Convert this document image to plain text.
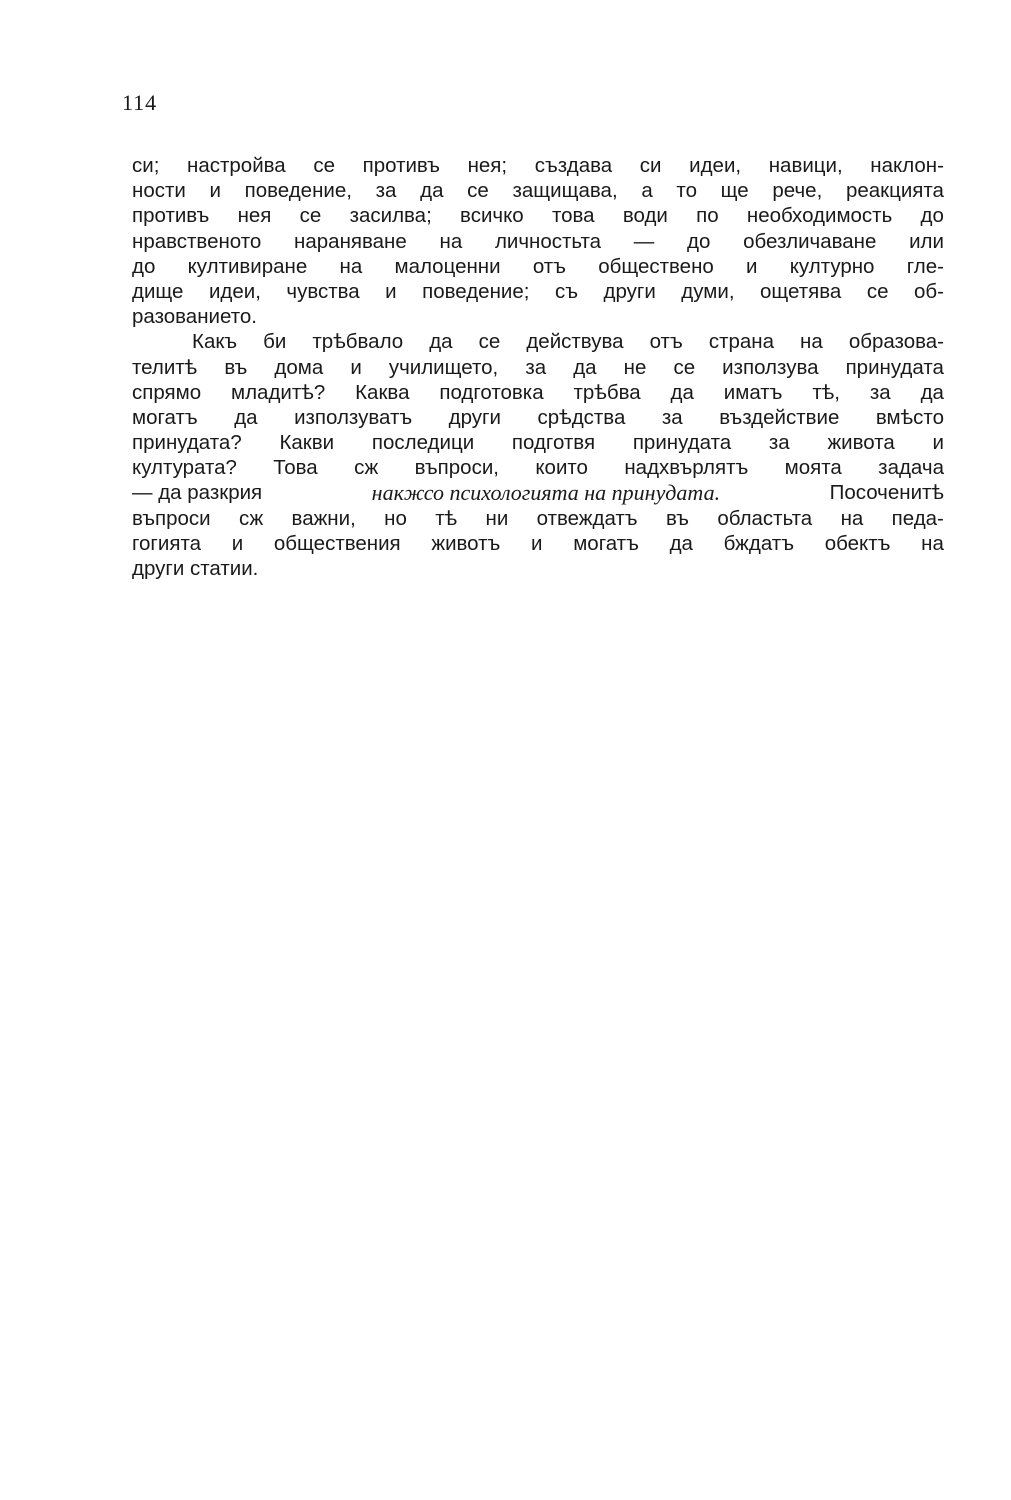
114
си; настройва се противъ нея; създава си идеи, навици, наклон-
ности и поведение, за да се защищава, а то ще рече, реакцията
противъ нея се засилва; всичко това води по необходимость до
нравственото нараняване на личностьта — до обезличаване или
до култивиране на малоценни отъ обществено и културно гле-
дище идеи, чувства и поведение; съ други думи, ощетява се об-
разованието.
Какъ би трѣбвало да се действува отъ страна на образова-
телитѣ въ дома и училището, за да не се използува принудата
спрямо младитѣ? Каква подготовка трѣбва да иматъ тѣ, за да
могатъ да използуватъ други срѣдства за въздействие вмѣсто
принудата? Какви последици подготвя принудата за живота и
културата? Това сж въпроси, които надхвърлятъ моята задача
— да разкрия	накжсо психологията на принудата.	Посоченитѣ
въпроси сж важни, но тѣ ни отвеждатъ въ областьта на педа-
гогията и обществения животъ и могатъ да бждатъ обектъ на
други статии.
